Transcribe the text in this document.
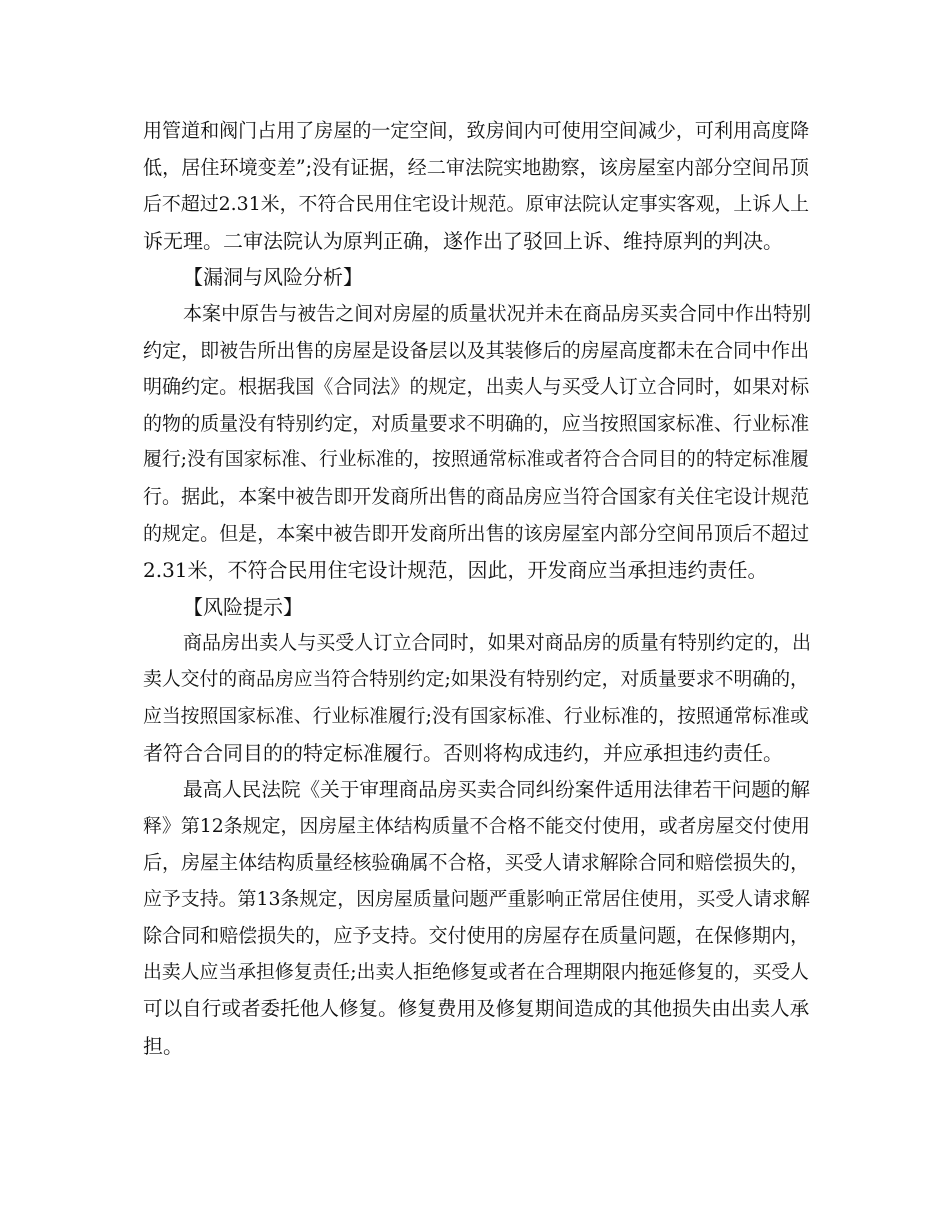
用管道和阀门占用了房屋的一定空间，致房间内可使用空间减少，可利用高度降
低，居住环境变差”;没有证据，经二审法院实地勘察，该房屋室内部分空间吊顶
后不超过2.31米，不符合民用住宅设计规范。原审法院认定事实客观，上诉人上
诉无理。二审法院认为原判正确，遂作出了驳回上诉、维持原判的判决。
【漏洞与风险分析】
本案中原告与被告之间对房屋的质量状况并未在商品房买卖合同中作出特别
约定，即被告所出售的房屋是设备层以及其装修后的房屋高度都未在合同中作出
明确约定。根据我国《合同法》的规定，出卖人与买受人订立合同时，如果对标
的物的质量没有特别约定，对质量要求不明确的，应当按照国家标准、行业标准
履行;没有国家标准、行业标准的，按照通常标准或者符合合同目的的特定标准履
行。据此，本案中被告即开发商所出售的商品房应当符合国家有关住宅设计规范
的规定。但是，本案中被告即开发商所出售的该房屋室内部分空间吊顶后不超过
2.31米，不符合民用住宅设计规范，因此，开发商应当承担违约责任。
【风险提示】
商品房出卖人与买受人订立合同时，如果对商品房的质量有特别约定的，出
卖人交付的商品房应当符合特别约定;如果没有特别约定，对质量要求不明确的，
应当按照国家标准、行业标准履行;没有国家标准、行业标准的，按照通常标准或
者符合合同目的的特定标准履行。否则将构成违约，并应承担违约责任。
最高人民法院《关于审理商品房买卖合同纠纷案件适用法律若干问题的解
释》第12条规定，因房屋主体结构质量不合格不能交付使用，或者房屋交付使用
后，房屋主体结构质量经核验确属不合格，买受人请求解除合同和赔偿损失的，
应予支持。第13条规定，因房屋质量问题严重影响正常居住使用，买受人请求解
除合同和赔偿损失的，应予支持。交付使用的房屋存在质量问题，在保修期内，
出卖人应当承担修复责任;出卖人拒绝修复或者在合理期限内拖延修复的，买受人
可以自行或者委托他人修复。修复费用及修复期间造成的其他损失由出卖人承
担。
